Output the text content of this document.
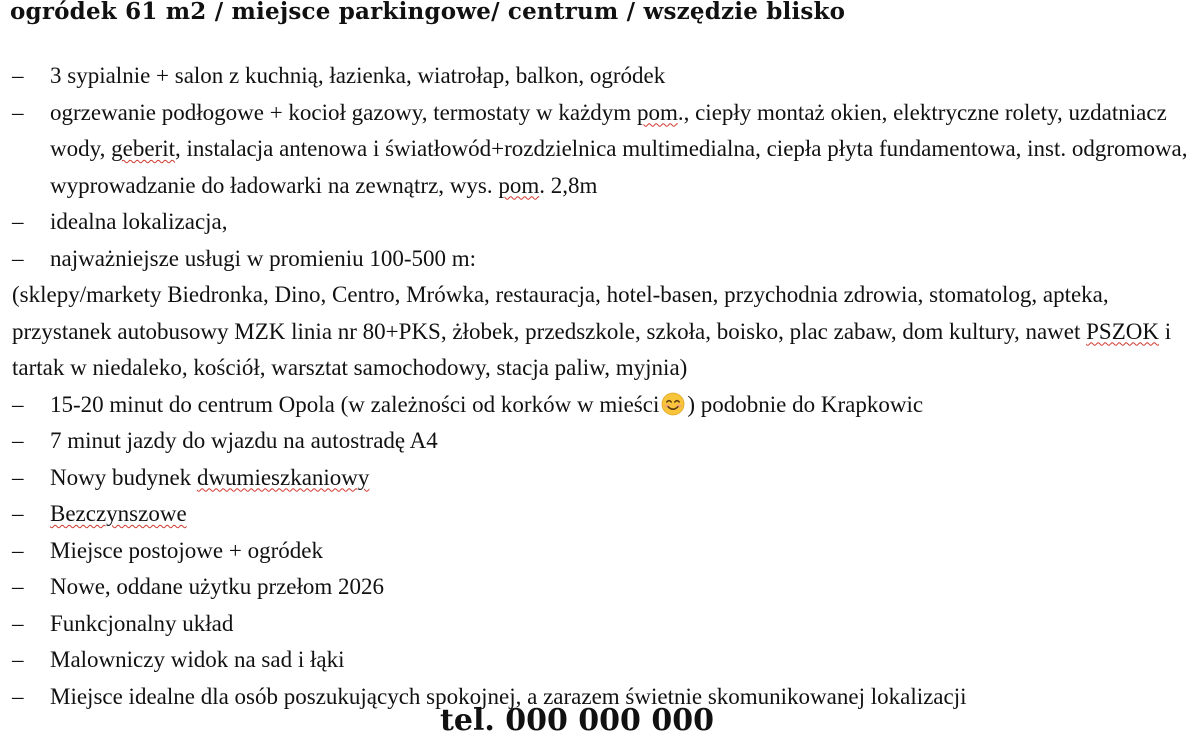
ogródek 61 m2 / miejsce parkingowe/ centrum / wszędzie blisko
– 3 sypialnie + salon z kuchnią, łazienka, wiatrołap, balkon, ogródek
– ogrzewanie podłogowe + kocioł gazowy, termostaty w każdym pom., ciepły montaż okien, elektryczne rolety, uzdatniacz wody, geberit, instalacja antenowa i światłowód+rozdzielnica multimedialna, ciepła płyta fundamentowa, inst. odgromowa, wyprowadzanie do ładowarki na zewnątrz, wys. pom. 2,8m
– idealna lokalizacja,
– najważniejsze usługi w promieniu 100-500 m:
(sklepy/markety Biedronka, Dino, Centro, Mrówka, restauracja, hotel-basen, przychodnia zdrowia, stomatolog, apteka, przystanek autobusowy MZK linia nr 80+PKS, żłobek, przedszkole, szkoła, boisko, plac zabaw, dom kultury, nawet PSZOK i tartak w niedaleko, kościół, warsztat samochodowy, stacja paliw, myjnia)
– 15-20 minut do centrum Opola (w zależności od korków w mieści ) podobnie do Krapkowic
– 7 minut jazdy do wjazdu na autostradę A4
– Nowy budynek dwumieszkaniowy
– Bezczynszowe
– Miejsce postojowe + ogródek
– Nowe, oddane użytku przełom 2026
– Funkcjonalny układ
– Malowniczy widok na sad i łąki
– Miejsce idealne dla osób poszukujących spokojnej, a zarazem świetnie skomunikowanej lokalizacji
tel. 000 000 000
